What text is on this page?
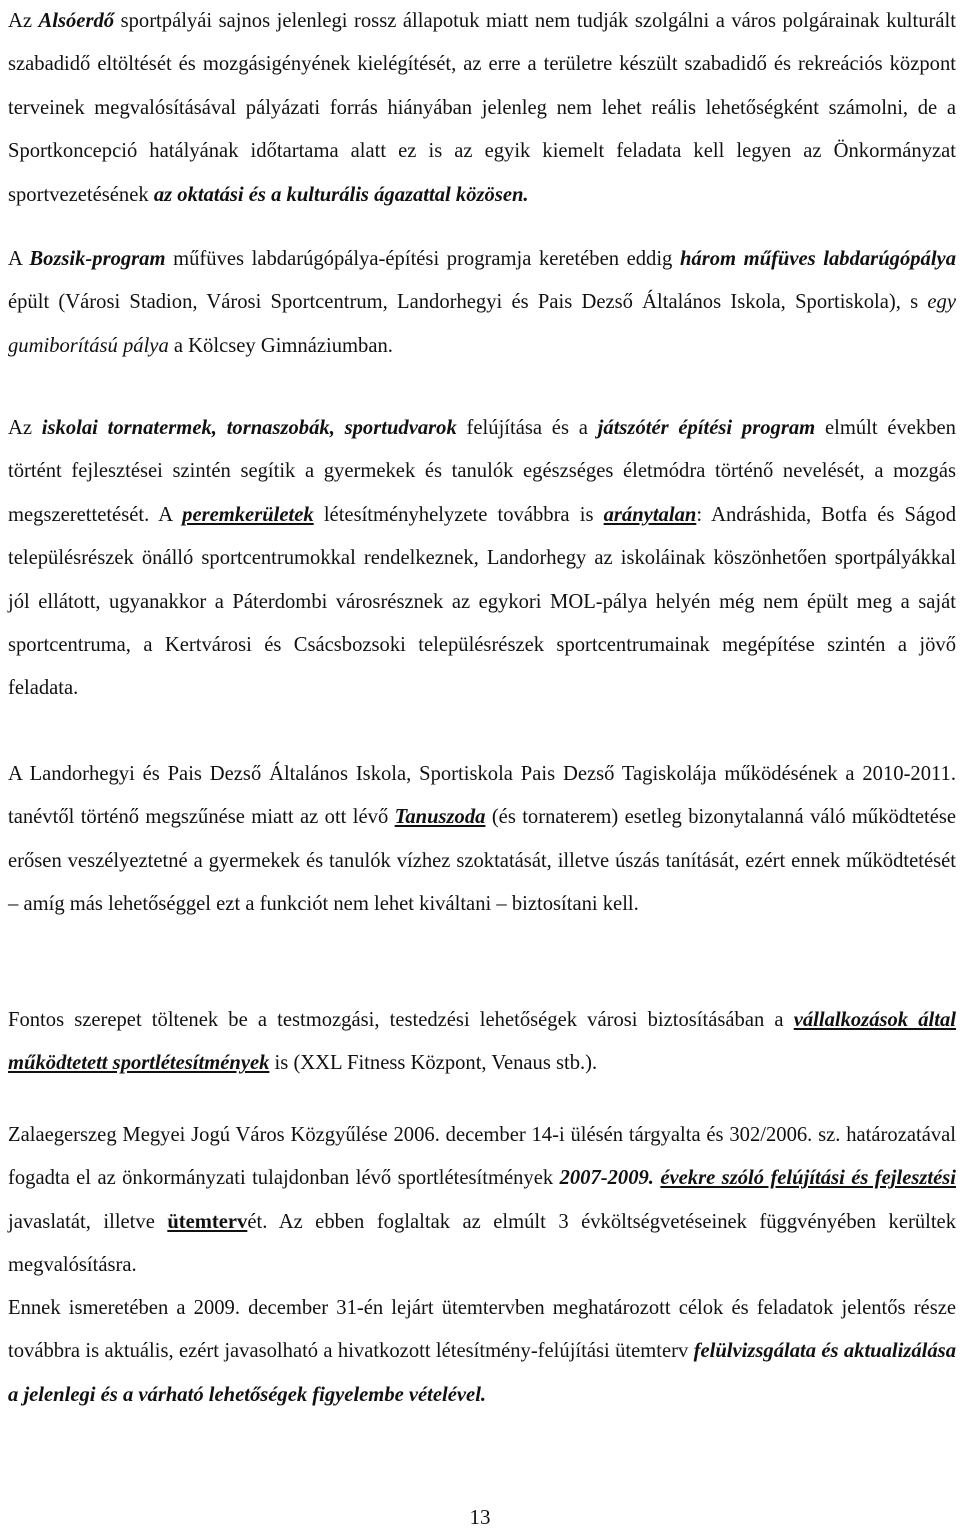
Az Alsóerdő sportpályái sajnos jelenlegi rossz állapotuk miatt nem tudják szolgálni a város polgárainak kulturált szabadidő eltöltését és mozgásigényének kielégítését, az erre a területre készült szabadidő és rekreációs központ terveinek megvalósításával pályázati forrás hiányában jelenleg nem lehet reális lehetőségként számolni, de a Sportkoncepció hatályának időtartama alatt ez is az egyik kiemelt feladata kell legyen az Önkormányzat sportvezetésének az oktatási és a kulturális ágazattal közösen.

A Bozsik-program műfüves labdarúgópálya-építési programja keretében eddig három műfüves labdarúgópálya épült (Városi Stadion, Városi Sportcentrum, Landorhegyi és Pais Dezső Általános Iskola, Sportiskola), s egy gumiborítású pálya a Kölcsey Gimnáziumban.

Az iskolai tornatermek, tornaszobák, sportudvarok felújítása és a játszótér építési program elmúlt években történt fejlesztései szintén segítik a gyermekek és tanulók egészséges életmódra történő nevelését, a mozgás megszerettetését. A peremkerületek létesítményhelyzete továbbra is aránytalan: Andráshida, Botfa és Ságod településrészek önálló sportcentrumokkal rendelkeznek, Landorhegy az iskoláinak köszönhetően sportpályákkal jól ellátott, ugyanakkor a Páterdombi városrésznek az egykori MOL-pálya helyén még nem épült meg a saját sportcentruma, a Kertvárosi és Csácsbozsoki településrészek sportcentrumainak megépítése szintén a jövő feladata.

A Landorhegyi és Pais Dezső Általános Iskola, Sportiskola Pais Dezső Tagiskolája működésének a 2010-2011. tanévtől történő megszűnése miatt az ott lévő Tanuszoda (és tornaterem) esetleg bizonytalanná váló működtetése erősen veszélyeztetné a gyermekek és tanulók vízhez szoktatását, illetve úszás tanítását, ezért ennek működtetését – amíg más lehetőséggel ezt a funkciót nem lehet kiváltani – biztosítani kell.

Fontos szerepet töltenek be a testmozgási, testedzési lehetőségek városi biztosításában a vállalkozások által működtetett sportlétesítmények is (XXL Fitness Központ, Venaus stb.).

Zalaegerszeg Megyei Jogú Város Közgyűlése 2006. december 14-i ülésén tárgyalta és 302/2006. sz. határozatával fogadta el az önkormányzati tulajdonban lévő sportlétesítmények 2007-2009. évekre szóló felújítási és fejlesztési javaslatát, illetve ütemtervét. Az ebben foglaltak az elmúlt 3 évköltségvetéseinek függvényében kerültek megvalósításra.

Ennek ismeretében a 2009. december 31-én lejárt ütemtervben meghatározott célok és feladatok jelentős része továbbra is aktuális, ezért javasolható a hivatkozott létesítmény-felújítási ütemterv felülvizsgálata és aktualizálása a jelenlegi és a várható lehetőségek figyelembe vételével.

13
